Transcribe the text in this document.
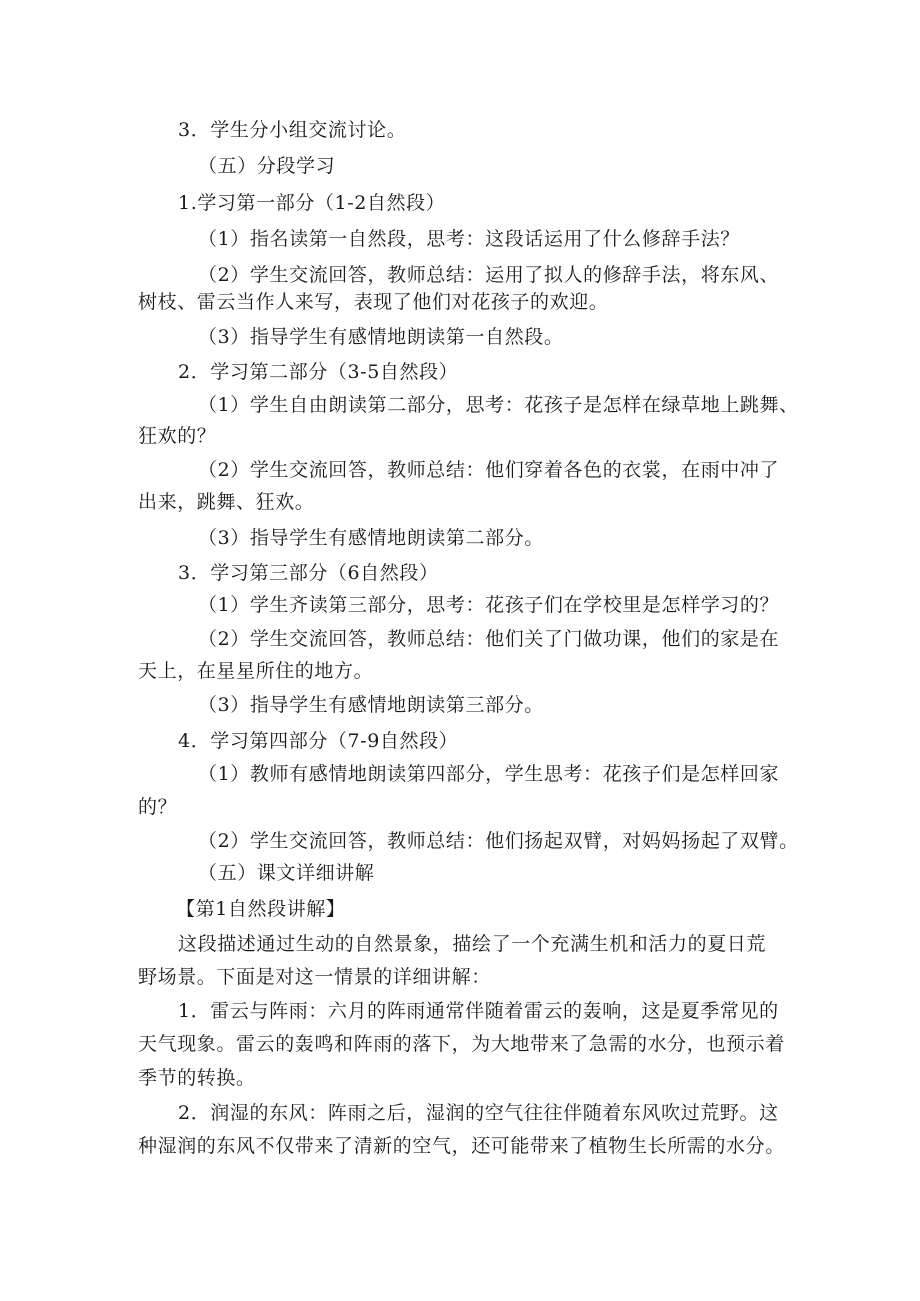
3．学生分小组交流讨论。
（五）分段学习
1.学习第一部分（1-2自然段）
（1）指名读第一自然段，思考：这段话运用了什么修辞手法？
（2）学生交流回答，教师总结：运用了拟人的修辞手法，将东风、
树枝、雷云当作人来写，表现了他们对花孩子的欢迎。
（3）指导学生有感情地朗读第一自然段。
2．学习第二部分（3-5自然段）
（1）学生自由朗读第二部分，思考：花孩子是怎样在绿草地上跳舞、
狂欢的？
（2）学生交流回答，教师总结：他们穿着各色的衣裳，在雨中冲了
出来，跳舞、狂欢。
（3）指导学生有感情地朗读第二部分。
3．学习第三部分（6自然段）
（1）学生齐读第三部分，思考：花孩子们在学校里是怎样学习的？
（2）学生交流回答，教师总结：他们关了门做功课，他们的家是在
天上，在星星所住的地方。
（3）指导学生有感情地朗读第三部分。
4．学习第四部分（7-9自然段）
（1）教师有感情地朗读第四部分，学生思考：花孩子们是怎样回家
的？
（2）学生交流回答，教师总结：他们扬起双臂，对妈妈扬起了双臂。
（五）课文详细讲解
【第1自然段讲解】
这段描述通过生动的自然景象，描绘了一个充满生机和活力的夏日荒
野场景。下面是对这一情景的详细讲解：
1．雷云与阵雨：六月的阵雨通常伴随着雷云的轰响，这是夏季常见的
天气现象。雷云的轰鸣和阵雨的落下，为大地带来了急需的水分，也预示着
季节的转换。
2．润湿的东风：阵雨之后，湿润的空气往往伴随着东风吹过荒野。这
种湿润的东风不仅带来了清新的空气，还可能带来了植物生长所需的水分。
